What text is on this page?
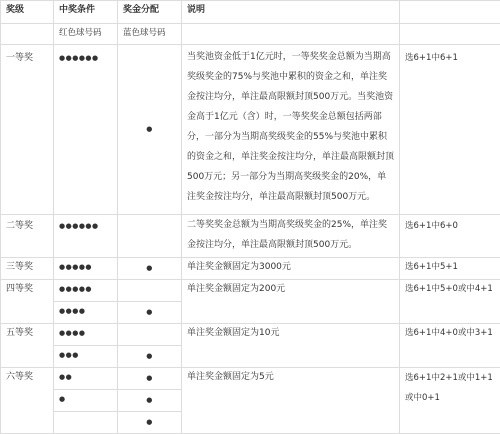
奖级	中奖条件	奖金分配	说明	
	红色球号码	蓝色球号码		
一等奖	●●●●●●	●	当奖池资金低于1亿元时，一等奖奖金总额为当期高奖级奖金的75%与奖池中累积的资金之和，单注奖金按注均分，单注最高限额封顶500万元。当奖池资金高于1亿元（含）时，一等奖奖金总额包括两部分，一部分为当期高奖级奖金的55%与奖池中累积的资金之和，单注奖金按注均分，单注最高限额封顶500万元；另一部分为当期高奖级奖金的20%，单注奖金按注均分，单注最高限额封顶500万元。	选6+1中6+1
二等奖	●●●●●●		二等奖奖金总额为当期高奖级奖金的25%，单注奖金按注均分，单注最高限额封顶500万元。	选6+1中6+0
三等奖	●●●●●	●	单注奖金额固定为3000元	选6+1中5+1
四等奖	●●●●●		单注奖金额固定为200元	选6+1中5+0或中4+1
	●●●●	●		
五等奖	●●●●		单注奖金额固定为10元	选6+1中4+0或中3+1
	●●●	●		
六等奖	●●	●	单注奖金额固定为5元	选6+1中2+1或中1+1或中0+1
	●	●		
		●		
